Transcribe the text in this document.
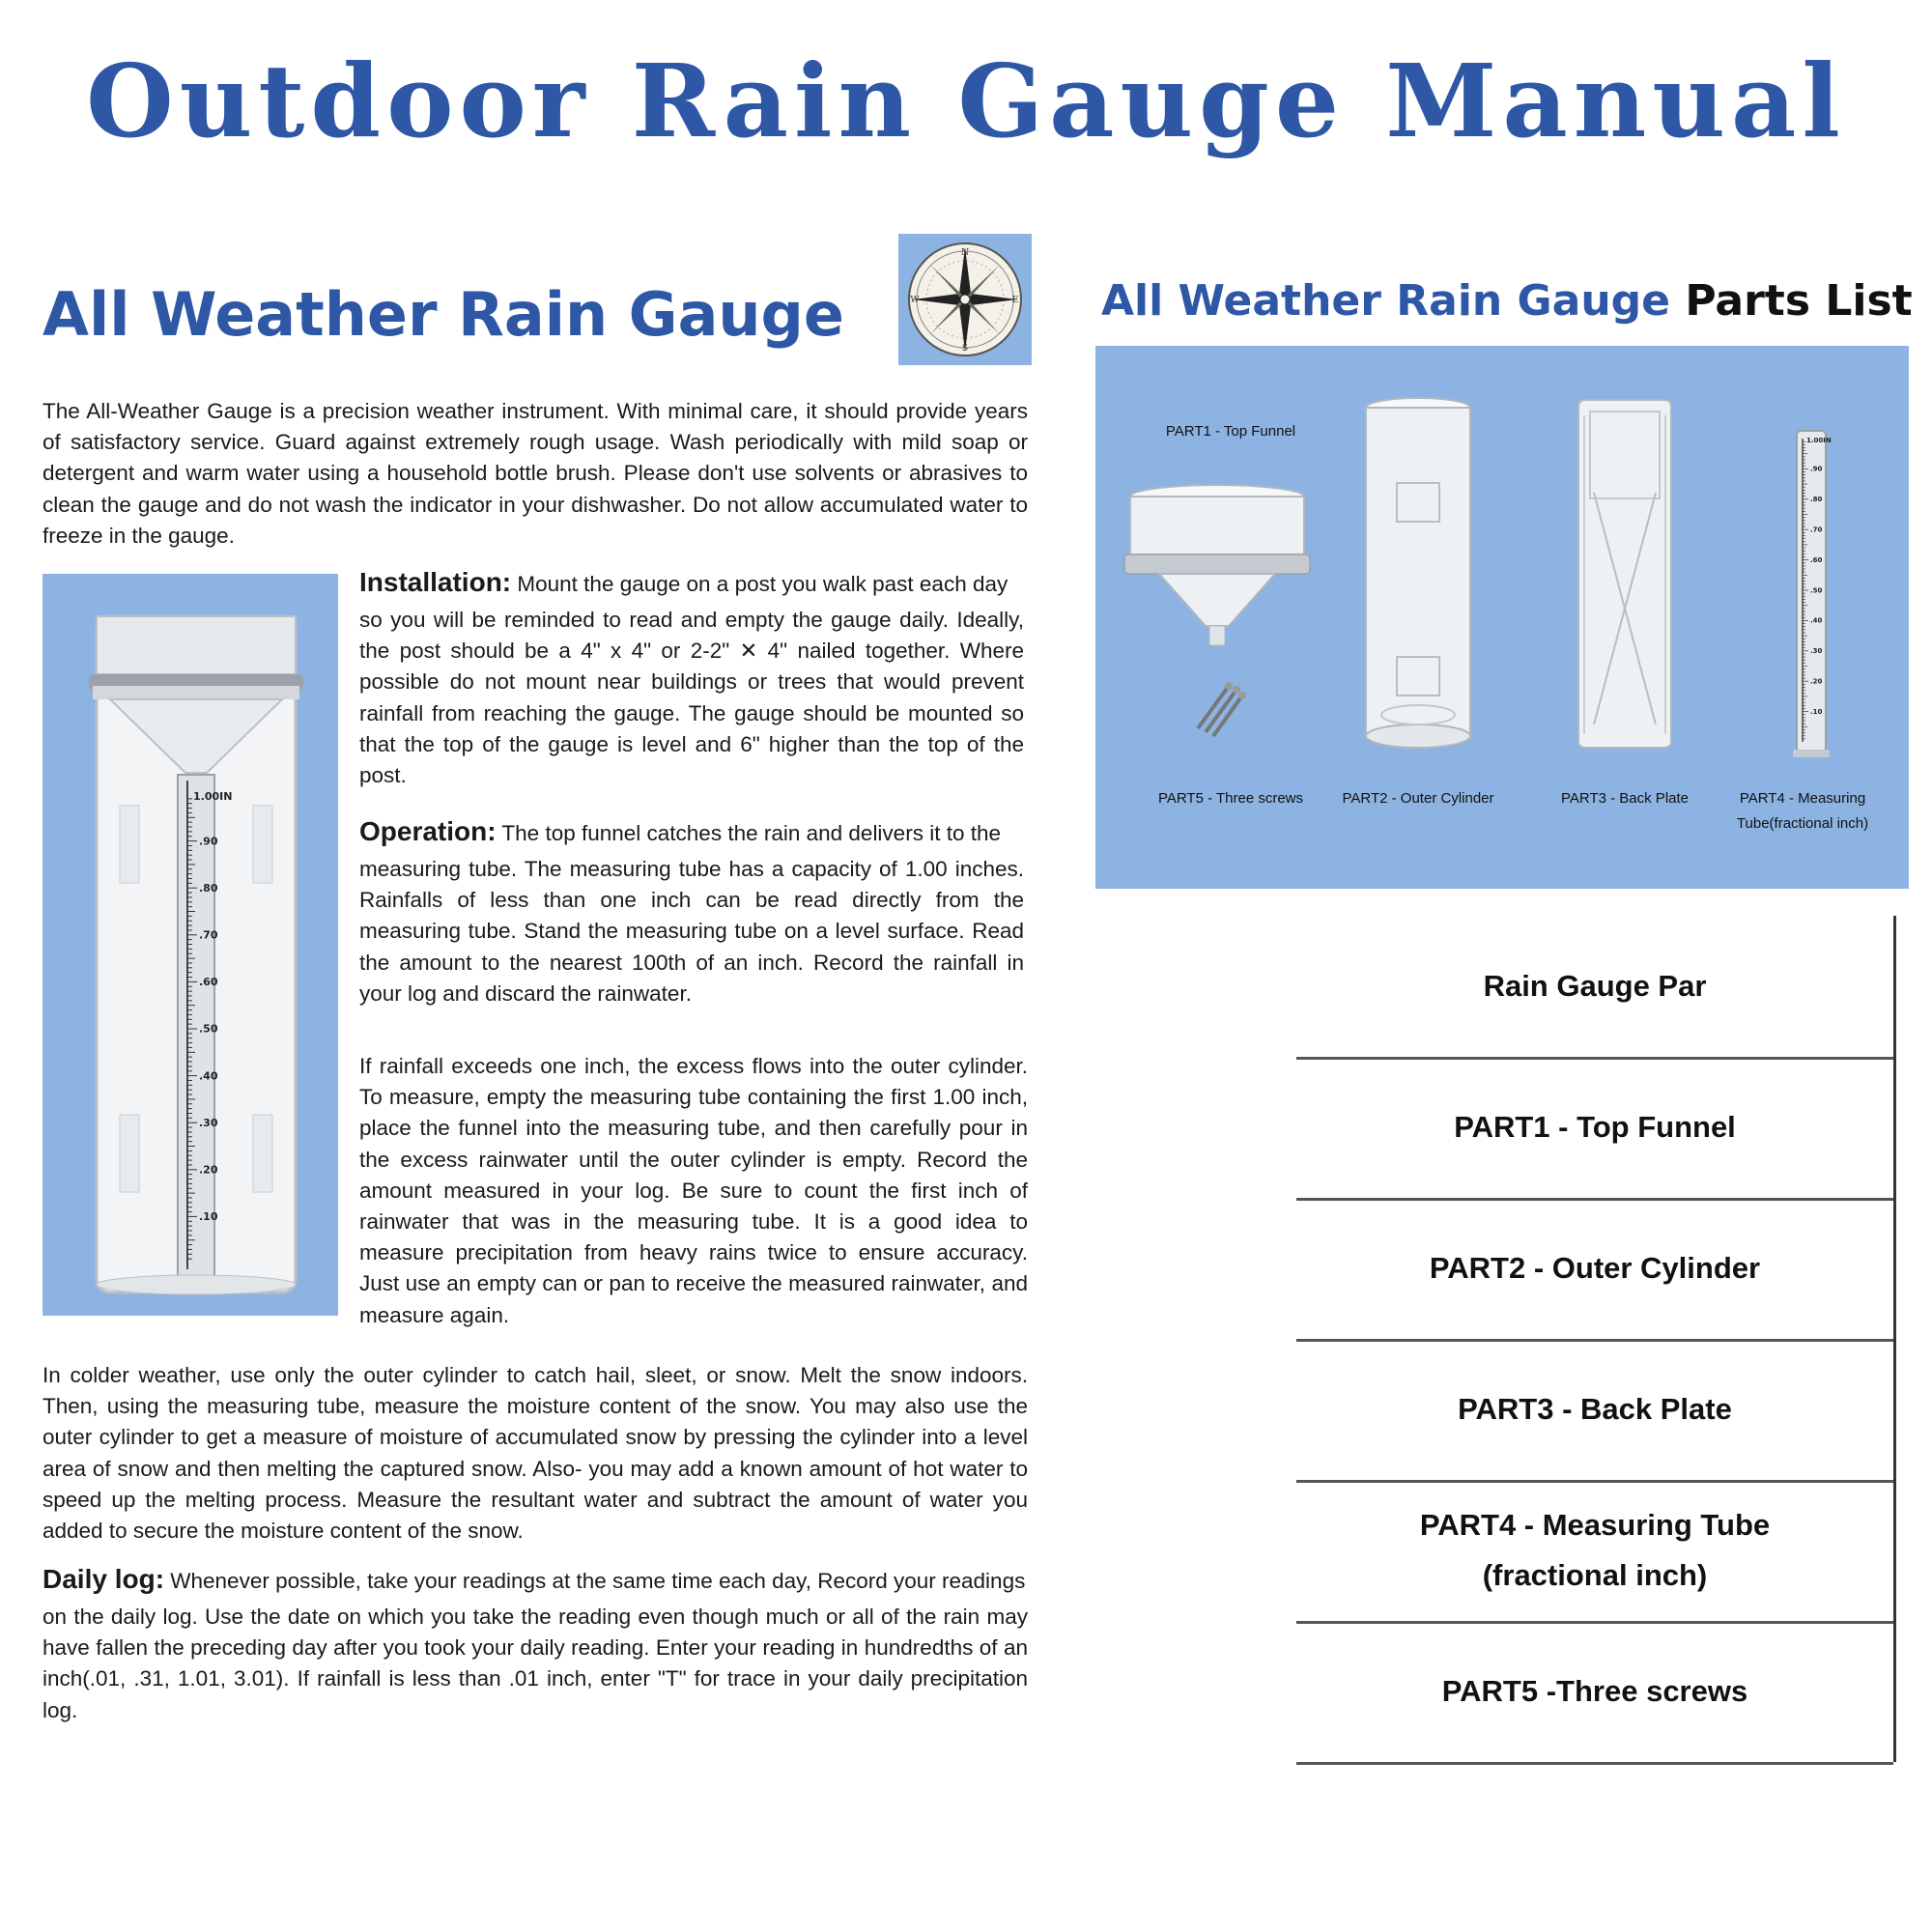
Outdoor Rain Gauge Manual
All Weather Rain Gauge
N
E
S
W
The All-Weather Gauge is a precision weather instrument. With minimal care, it should provide years of satisfactory service. Guard against extremely rough usage. Wash periodically with mild soap or detergent and warm water using a household bottle brush. Please don't use solvents or abrasives to clean the gauge and do not wash the indicator in your dishwasher. Do not allow accumulated water to freeze in the gauge.
1.00IN
.90
.80
.70
.60
.50
.40
.30
.20
.10
Installation: Mount the gauge on a post you walk past each day
so you will be reminded to read and empty the gauge daily. Ideally, the post should be a 4" x 4" or 2-2" ✕ 4" nailed together. Where possible do not mount near buildings or trees that would prevent rainfall from reaching the gauge. The gauge should be mounted so that the top of the gauge is level and 6" higher than the top of the post.
Operation: The top funnel catches the rain and delivers it to the
measuring tube. The measuring tube has a capacity of 1.00 inches. Rainfalls of less than one inch can be read directly from the measuring tube. Stand the measuring tube on a level surface. Read the amount to the nearest 100th of an inch. Record the rainfall in your log and discard the rainwater.
If rainfall exceeds one inch, the excess flows into the outer cylinder. To measure, empty the measuring tube containing the first 1.00 inch, place the funnel into the measuring tube, and then carefully pour in the excess rainwater until the outer cylinder is empty. Record the amount measured in your log. Be sure to count the first inch of rainwater that was in the measuring tube. It is a good idea to measure precipitation from heavy rains twice to ensure accuracy. Just use an empty can or pan to receive the measured rainwater, and measure again.
In colder weather, use only the outer cylinder to catch hail, sleet, or snow. Melt the snow indoors. Then, using the measuring tube, measure the moisture content of the snow. You may also use the outer cylinder to get a measure of moisture of accumulated snow by pressing the cylinder into a level area of snow and then melting the captured snow. Also- you may add a known amount of hot water to speed up the melting process. Measure the resultant water and subtract the amount of water you added to secure the moisture content of the snow.
Daily log: Whenever possible, take your readings at the same time each day, Record your readings
on the daily log. Use the date on which you take the reading even though much or all of the rain may have fallen the preceding day after you took your daily reading. Enter your reading in hundredths of an inch(.01, .31, 1.01, 3.01). If rainfall is less than .01 inch, enter "T" for trace in your daily precipitation log.
All Weather Rain Gauge Parts List
PART1 - Top Funnel
PART5 - Three screws	PART2 - Outer Cylinder	PART3 - Back Plate
1.00IN
.90
.80
.70
.60
.50
.40
.30
.20
.10
PART4 - Measuring
Tube(fractional inch)
Rain Gauge Par
PART1 - Top Funnel
PART2 - Outer Cylinder
PART3 - Back Plate
PART4 - Measuring Tube
(fractional inch)
PART5 -Three screws
